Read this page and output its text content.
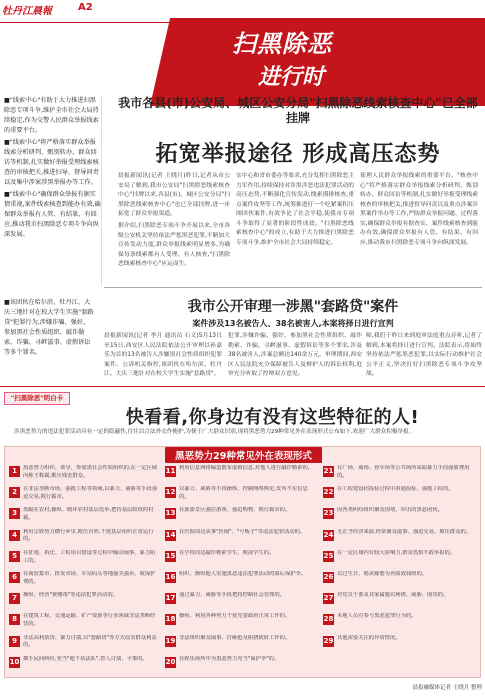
牡丹江晨報	A2
扫黑除恶
进行时
2019年5月15日 星期三
责任编辑: 杨柳 版式: 张凤民 校对: 韩雪 新闻热线8688168

■"线索中心"有助于大力推进扫黑除恶专项斗争,维护全市社会大局持续稳定,作为交警人民群众举报线索的重要平台。

■"线索中心"将严格落实群众举报线索分析研判、甄别转办、群众回访等机制,扎实做好举报受理线索核查的审核把关,推进扫导、督导问责以及集中涉案涉黑举报办等工作。

■"线索中心"确保群众举报有据实情重视,案件线索核查到能办有效,确保群众举报有人管、有结果、有回应,推动我市扫黑除恶专项斗争向纵深发展。

■该团伙在哈尔滨、牡丹江、大庆三地针对在校大学生实施"套路贷"犯罪行为,涉嫌诈骗、强奸、参加黑社会性质组织、敲诈勒索、诈骗、寻衅滋事、虚假诉讼等多个罪名。

我市各县(市)公安局、城区公安分局"扫黑除恶线索核查中心"已全部挂牌
拓宽举报途径 形成高压态势
晨报新闻讯(记者 王晓月)昨日,记者从市公安局了解到,我市公安局"扫黑除恶线索核查中心"挂牌以来,各县(市)、城区公安分局"扫黑除恶线索核查中心"也已全部挂牌,进一步拓宽了群众举报渠道。
据介绍,扫黑除恶专项斗争开展以来,全市各级公安机关坚持依法严惩黑恶犯罪,不断加大宣传发动力度,群众举报线索明显增多,为确保每条线索都有人受理、有人核查,"扫黑除恶线索核查中心"应运而生。
实中心和省市委办等要求,充分发挥扫黑除恶主力军作用,持续保持对涉黑涉恶违法犯罪活动的高压态势,不断强化宣传发动,线索摸排核查,重点案件攻坚等工作,统筹推进打一个吃紧案积压图团伙案件,有效争论了社会平稳,使我市专项斗争取得了显著的阶段性成效。"扫黑除恶线索核查中心"的成立,有助于大力推进扫黑除恶专项斗争,维护全市社会大局持续稳定。
使理人民群众举报线索的重要平台。"核查中心"将严格落实群众举报线索分析研判、甄别转办、群众回访等机制,扎实做好举报受理线索核查的审核把关,推进督导问责以及重点涉案涉黑案件举办等工作,严防群众举报问题、过程落实,确保群众举报有据查实、案件线索核查到能办有效,确保群众举报有人管、有结果、有回应,推动我市扫黑除恶专项斗争向纵深发展。
我市公开审理一涉黑"套路贷"案件
案件涉及13名被告人、38名被害人,本案将择日进行宣判
晨报新闻讯(记者 李月 通讯员 石文)5月13日至15日,西安区人民法院依法公开审理以孙嘉乐为首的13名被告人涉嫌黑社会性质组织犯罪案件。公诉机关指控,该团伙在哈尔滨、牡丹江、大庆三地针对在校大学生实施"套路贷"。
犯罪,涉嫌诈骗、强奸、参加黑社会性质组织、敲诈勒索、诈骗、寻衅滋事、虚假诉讼等多个罪名,涉及38名被害人,涉案总额达140余万元。审理期间,西安区人民法院充分保障被告人及辩护人的诉讼权利,庭审充分听取了控辩双方意见。
师,我们于昨日来到庭审法庭重点旁听,记者了解到,本案将择日进行宣判。法院表示,将始终坚持依法严惩黑恶犯罪,以实际行动维护社会公平正义,坚决打好扫黑除恶专项斗争攻坚战。
"扫黑除恶"明白卡
快看看,你身边有没有这些特征的人!
涉黑恶势力的违法犯罪活动具有一定的隐蔽性,往往以合法外衣作掩护,为便于广大群众识别,现将黑恶势力29种常见外在表现形式公布如下,欢迎广大群众积极举报。
黑恶势力29种常见外在表现形式
1	黑恶势力组织、领导、参加黑社会性质组织的,在一定区域内称王称霸,欺压残害群众。
2	在非法垄断市场、强揽工程等领域,以暴力、威胁等手段强迫交易,欺行霸市。
3	盘踞在农村,操纵、破坏农村基层选举,把持基层政权的村霸。
4	利用宗族势力横行乡里,欺压百姓,干扰基层组织正常运行的。
5	在征地、拆迁、工程项目建设等过程中煽动闹事、暴力阻工的。
6	在商贸集市、批发市场、车站码头等地强买强卖、收保护费的。
7	操纵、经营"黄赌毒"等违法犯罪活动的。
8	在建筑工程、交通运输、矿产资源等行业领域非法垄断经营的。
9	非法高利放贷、暴力讨债,以"套路贷"等方式侵害群众利益的。
10 插手民间纠纷,充当"地下执法队",替人讨债、平事的。
11 利用信息网络编造散布虚假信息,对他人进行敲诈勒索的。
12 以暴力、威胁等手段操纵、控制网络舆论,发布不实信息的。
13 在旅游景区强拉游客、强迫购物、欺行霸市的。
14 在医院周边从事"医闹"、"号贩子"等违法犯罪活动的。
15 在学校周边敲诈勒索学生、欺凌学生的。
16 组织、操纵他人实施黑恶违法犯罪活动的幕后保护伞。
17 通过暴力、威胁等手段把持控制社会管理的。
18 操纵、利用各种势力干扰党委政府正常工作的。
19 非法组织聚众闹事、打砸抢及阻挠政府工作的。
20 在娱乐场所中为黑恶势力充当"保护伞"的。
21 在广场、商场、停车场等公共场所采取暴力手段强收费用的。
22 在工程建设招投标过程中串通投标、强揽工程的。
23 因各类纠纷组织聚众围堵、冲击的黑恶团伙。
24 无正当经济来源,经常聚众滋事、强迫交易、欺压群众的。
25 在一定区域内有较大影响力,群众畏惧不敢举报的。
26 以过生日、婚丧嫁娶为名收敛钱财的。
27 对党员干部及其家属施以利诱、威胁、围攻的。
28 本地人员有参与黑恶犯罪行为的。
29 其他需要关注的异常情况。
晨报融媒体记者 王晓月 整理
